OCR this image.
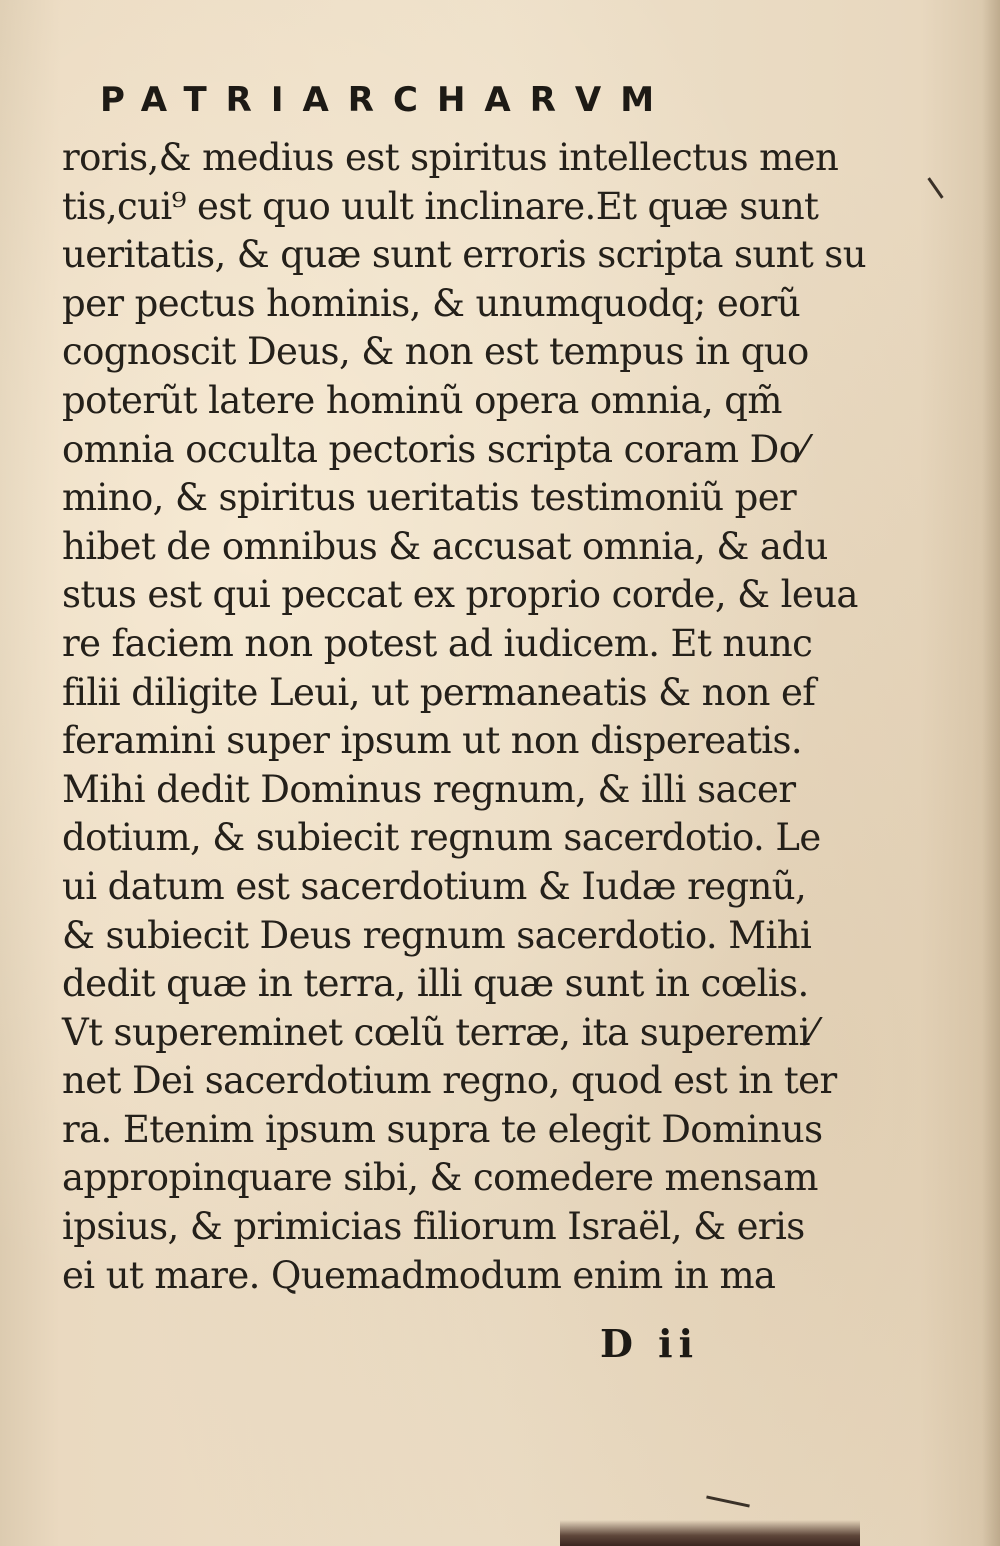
PATRIARCHARVM
roris,& medius est spiritus intellectus men
tis,cui⁹ est quo uult inclinare.Et quæ sunt
ueritatis, & quæ sunt erroris scripta sunt su
per pectus hominis, & unumquodq; eorũ
cognoscit Deus, & non est tempus in quo
poterũt latere hominũ opera omnia, qm̃
omnia occulta pectoris scripta coram Do⁄
mino, & spiritus ueritatis testimoniũ per
hibet de omnibus & accusat omnia, & adu
stus est qui peccat ex proprio corde, & leua
re faciem non potest ad iudicem. Et nunc
filii diligite Leui, ut permaneatis & non ef
feramini super ipsum ut non dispereatis.
Mihi dedit Dominus regnum, & illi sacer
dotium, & subiecit regnum sacerdotio. Le
ui datum est sacerdotium & Iudæ regnũ,
& subiecit Deus regnum sacerdotio. Mihi
dedit quæ in terra, illi quæ sunt in cœlis.
Vt supereminet cœlũ terræ, ita superemi⁄
net Dei sacerdotium regno, quod est in ter
ra. Etenim ipsum supra te elegit Dominus
appropinquare sibi, & comedere mensam
ipsius, & primicias filiorum Israël, & eris
ei ut mare. Quemadmodum enim in ma
D ii
